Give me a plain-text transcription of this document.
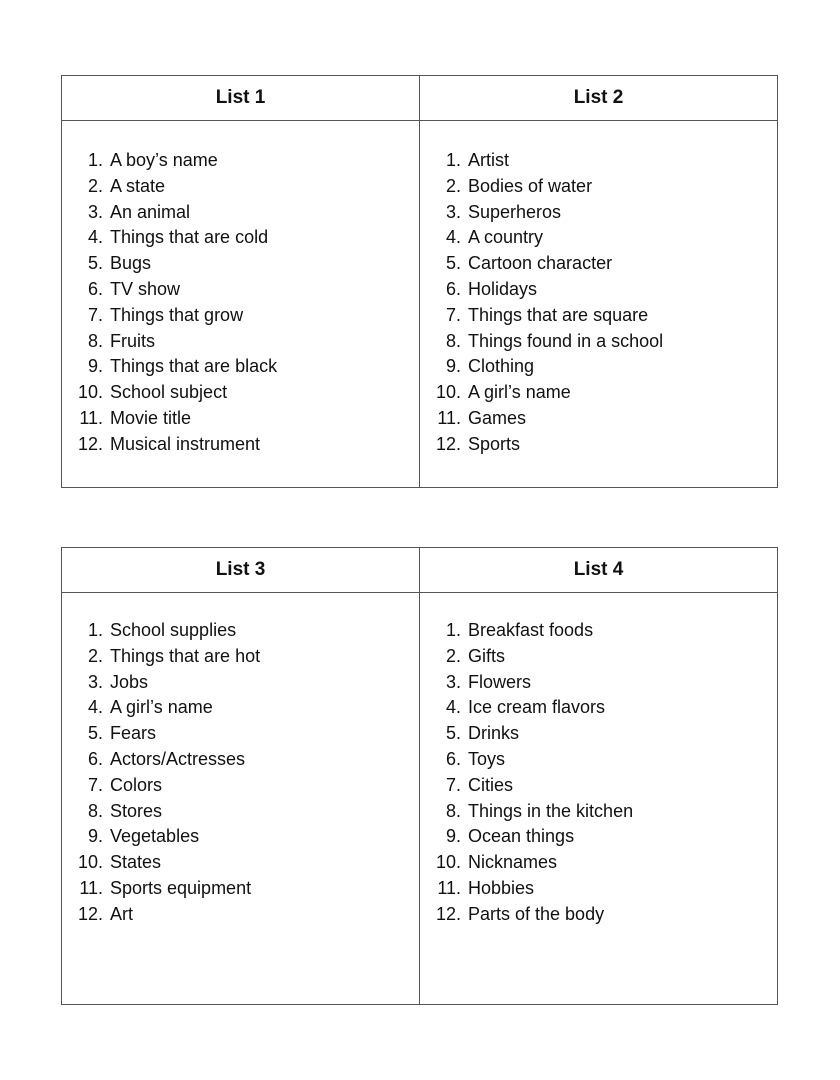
List 1	List 2
1. A boy’s name
2. A state
3. An animal
4. Things that are cold
5. Bugs
6. TV show
7. Things that grow
8. Fruits
9. Things that are black
10. School subject
11. Movie title
12. Musical instrument
1. Artist
2. Bodies of water
3. Superheros
4. A country
5. Cartoon character
6. Holidays
7. Things that are square
8. Things found in a school
9. Clothing
10. A girl’s name
11. Games
12. Sports
List 3	List 4
1. School supplies
2. Things that are hot
3. Jobs
4. A girl’s name
5. Fears
6. Actors/Actresses
7. Colors
8. Stores
9. Vegetables
10. States
11. Sports equipment
12. Art
1. Breakfast foods
2. Gifts
3. Flowers
4. Ice cream flavors
5. Drinks
6. Toys
7. Cities
8. Things in the kitchen
9. Ocean things
10. Nicknames
11. Hobbies
12. Parts of the body
